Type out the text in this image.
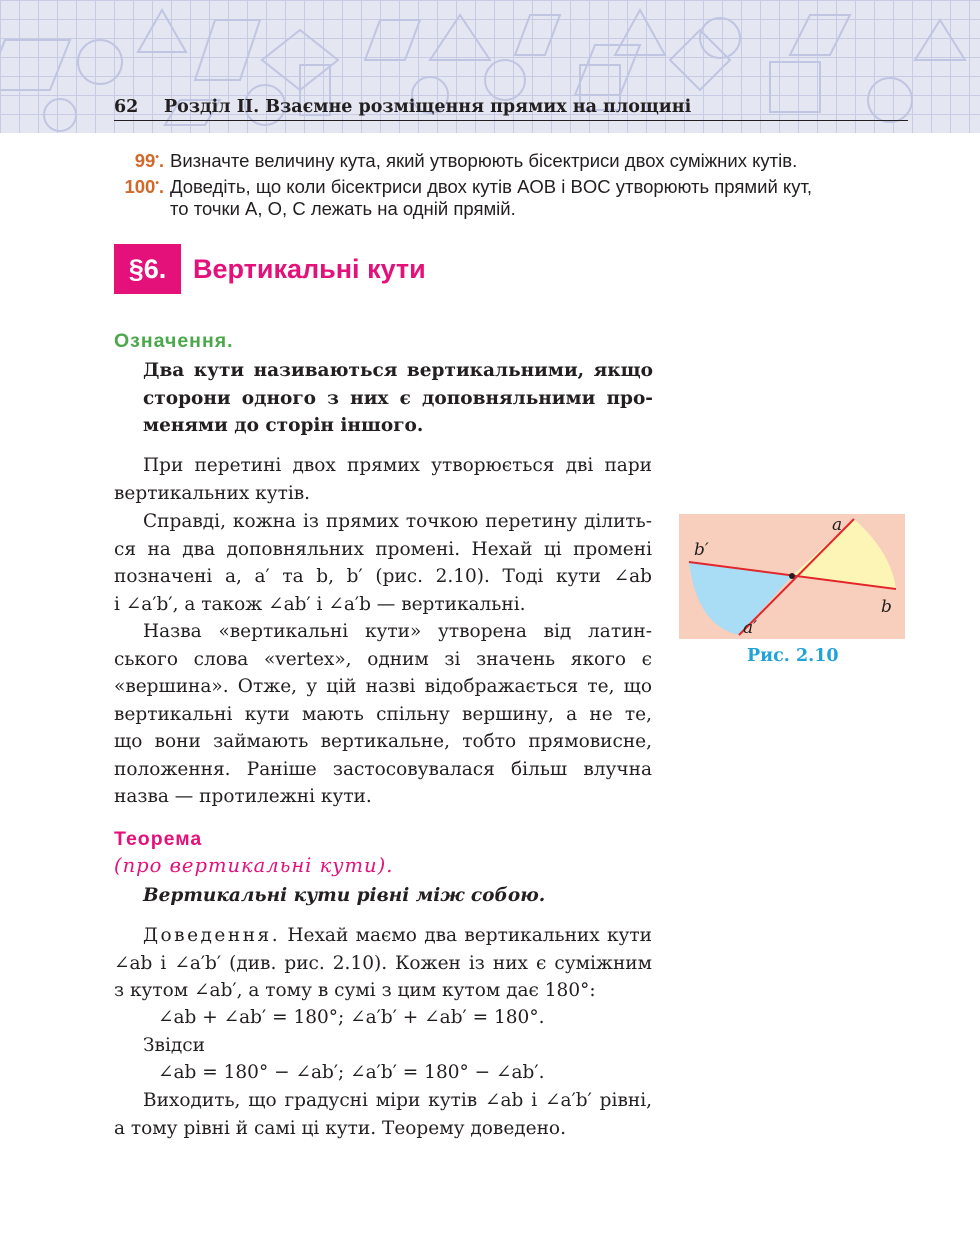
62 Розділ ІІ. Взаємне розміщення прямих на площині
99•. Визначте величину кута, який утворюють бісектриси двох суміжних кутів.
100•. Доведіть, що коли бісектриси двох кутів AOB і BOC утворюють прямий кут,
то точки A, O, C лежать на одній прямій.
§6. Вертикальні кути
Означення.
Два кути називаються вертикальними, якщо
сторони одного з них є доповняльними про-
менями до сторін іншого.
При перетині двох прямих утворюється дві пари
вертикальних кутів.
Справді, кожна із прямих точкою перетину ділить-
ся на два доповняльних промені. Нехай ці промені
позначені a, a′ та b, b′ (рис. 2.10). Тоді кути ∠ab
і ∠a′b′, а також ∠ab′ і ∠a′b — вертикальні.
Назва «вертикальні кути» утворена від латин-
ського слова «vertex», одним зі значень якого є
«вершина». Отже, у цій назві відображається те, що
вертикальні кути мають спільну вершину, а не те,
що вони займають вертикальне, тобто прямовисне,
положення. Раніше застосовувалася більш влучна
назва — протилежні кути.
a
b′
b
a′
Рис. 2.10
Теорема
(про вертикальні кути).
Вертикальні кути рівні між собою.
Доведення. Нехай маємо два вертикальних кути
∠ab і ∠a′b′ (див. рис. 2.10). Кожен із них є суміжним
з кутом ∠ab′, а тому в сумі з цим кутом дає 180°:
∠ab + ∠ab′ = 180°; ∠a′b′ + ∠ab′ = 180°.
Звідси
∠ab = 180° − ∠ab′; ∠a′b′ = 180° − ∠ab′.
Виходить, що градусні міри кутів ∠ab і ∠a′b′ рівні,
а тому рівні й самі ці кути. Теорему доведено.
